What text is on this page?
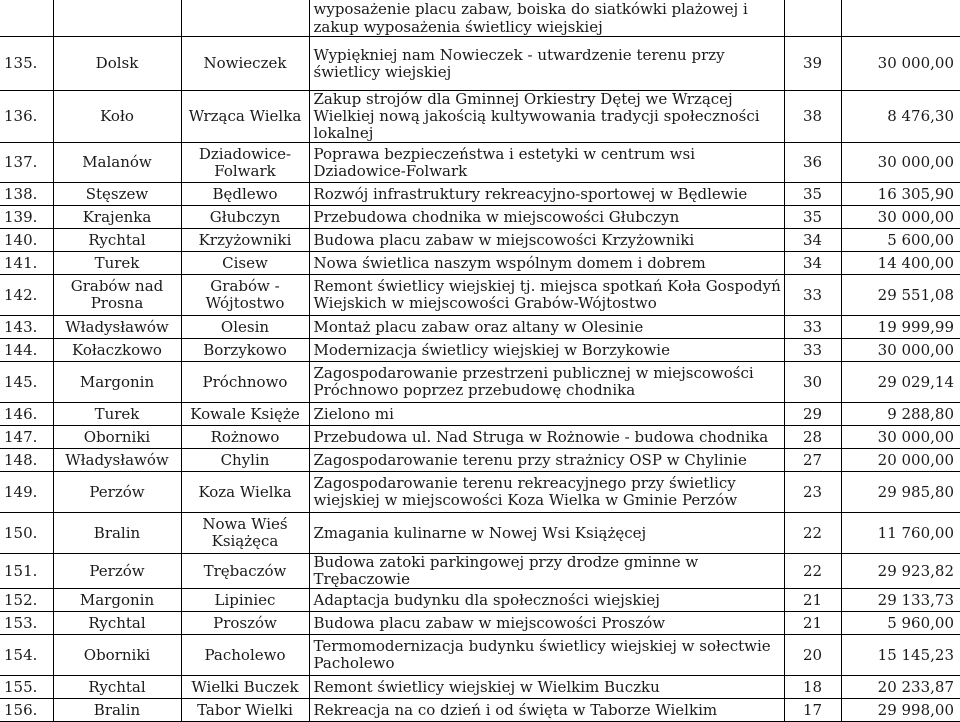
			wyposażenie placu zabaw, boiska do siatkówki plażowej i zakup wyposażenia świetlicy wiejskiej		
135.	Dolsk	Nowieczek	Wypiękniej nam Nowieczek - utwardzenie terenu przy świetlicy wiejskiej	39	30 000,00
136.	Koło	Wrząca Wielka	Zakup strojów dla Gminnej Orkiestry Dętej we Wrzącej Wielkiej nową jakością kultywowania tradycji społeczności lokalnej	38	8 476,30
137.	Malanów	Dziadowice-Folwark	Poprawa bezpieczeństwa i estetyki w centrum wsi Dziadowice-Folwark	36	30 000,00
138.	Stęszew	Będlewo	Rozwój infrastruktury rekreacyjno-sportowej w Będlewie	35	16 305,90
139.	Krajenka	Głubczyn	Przebudowa chodnika w miejscowości Głubczyn	35	30 000,00
140.	Rychtal	Krzyżowniki	Budowa placu zabaw w miejscowości Krzyżowniki	34	5 600,00
141.	Turek	Cisew	Nowa świetlica naszym wspólnym domem i dobrem	34	14 400,00
142.	Grabów nad Prosna	Grabów - Wójtostwo	Remont świetlicy wiejskiej tj. miejsca spotkań Koła Gospodyń Wiejskich w miejscowości Grabów-Wójtostwo	33	29 551,08
143.	Władysławów	Olesin	Montaż placu zabaw oraz altany w Olesinie	33	19 999,99
144.	Kołaczkowo	Borzykowo	Modernizacja świetlicy wiejskiej w Borzykowie	33	30 000,00
145.	Margonin	Próchnowo	Zagospodarowanie przestrzeni publicznej w miejscowości Próchnowo poprzez przebudowę chodnika	30	29 029,14
146.	Turek	Kowale Księże	Zielono mi	29	9 288,80
147.	Oborniki	Rożnowo	Przebudowa ul. Nad Struga w Rożnowie - budowa chodnika	28	30 000,00
148.	Władysławów	Chylin	Zagospodarowanie terenu przy strażnicy OSP w Chylinie	27	20 000,00
149.	Perzów	Koza Wielka	Zagospodarowanie terenu rekreacyjnego przy świetlicy wiejskiej w miejscowości Koza Wielka w Gminie Perzów	23	29 985,80
150.	Bralin	Nowa Wieś Książęca	Zmagania kulinarne w Nowej Wsi Książęcej	22	11 760,00
151.	Perzów	Trębaczów	Budowa zatoki parkingowej przy drodze gminne w Trębaczowie	22	29 923,82
152.	Margonin	Lipiniec	Adaptacja budynku dla społeczności wiejskiej	21	29 133,73
153.	Rychtal	Proszów	Budowa placu zabaw w miejscowości Proszów	21	5 960,00
154.	Oborniki	Pacholewo	Termomodernizacja budynku świetlicy wiejskiej w sołectwie Pacholewo	20	15 145,23
155.	Rychtal	Wielki Buczek	Remont świetlicy wiejskiej w Wielkim Buczku	18	20 233,87
156.	Bralin	Tabor Wielki	Rekreacja na co dzień i od święta w Taborze Wielkim	17	29 998,00
